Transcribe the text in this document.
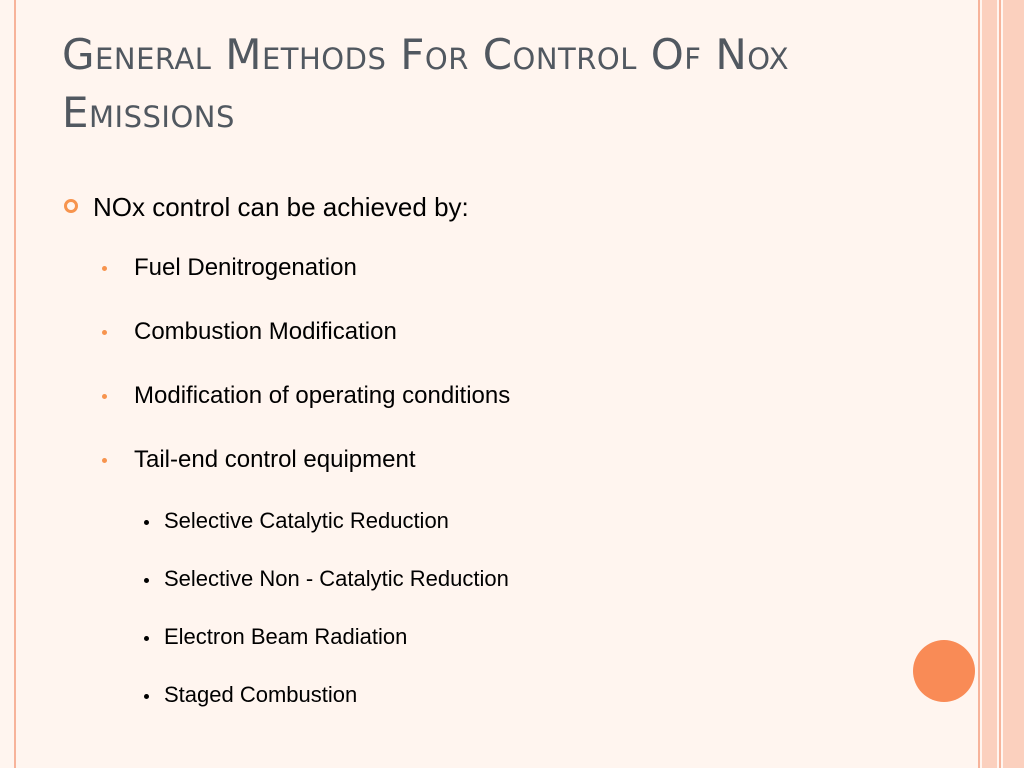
General Methods For Control Of Nox Emissions
NOx control can be achieved by:
Fuel Denitrogenation
Combustion Modification
Modification of operating conditions
Tail-end control equipment
Selective Catalytic Reduction
Selective Non - Catalytic Reduction
Electron Beam Radiation
Staged Combustion
